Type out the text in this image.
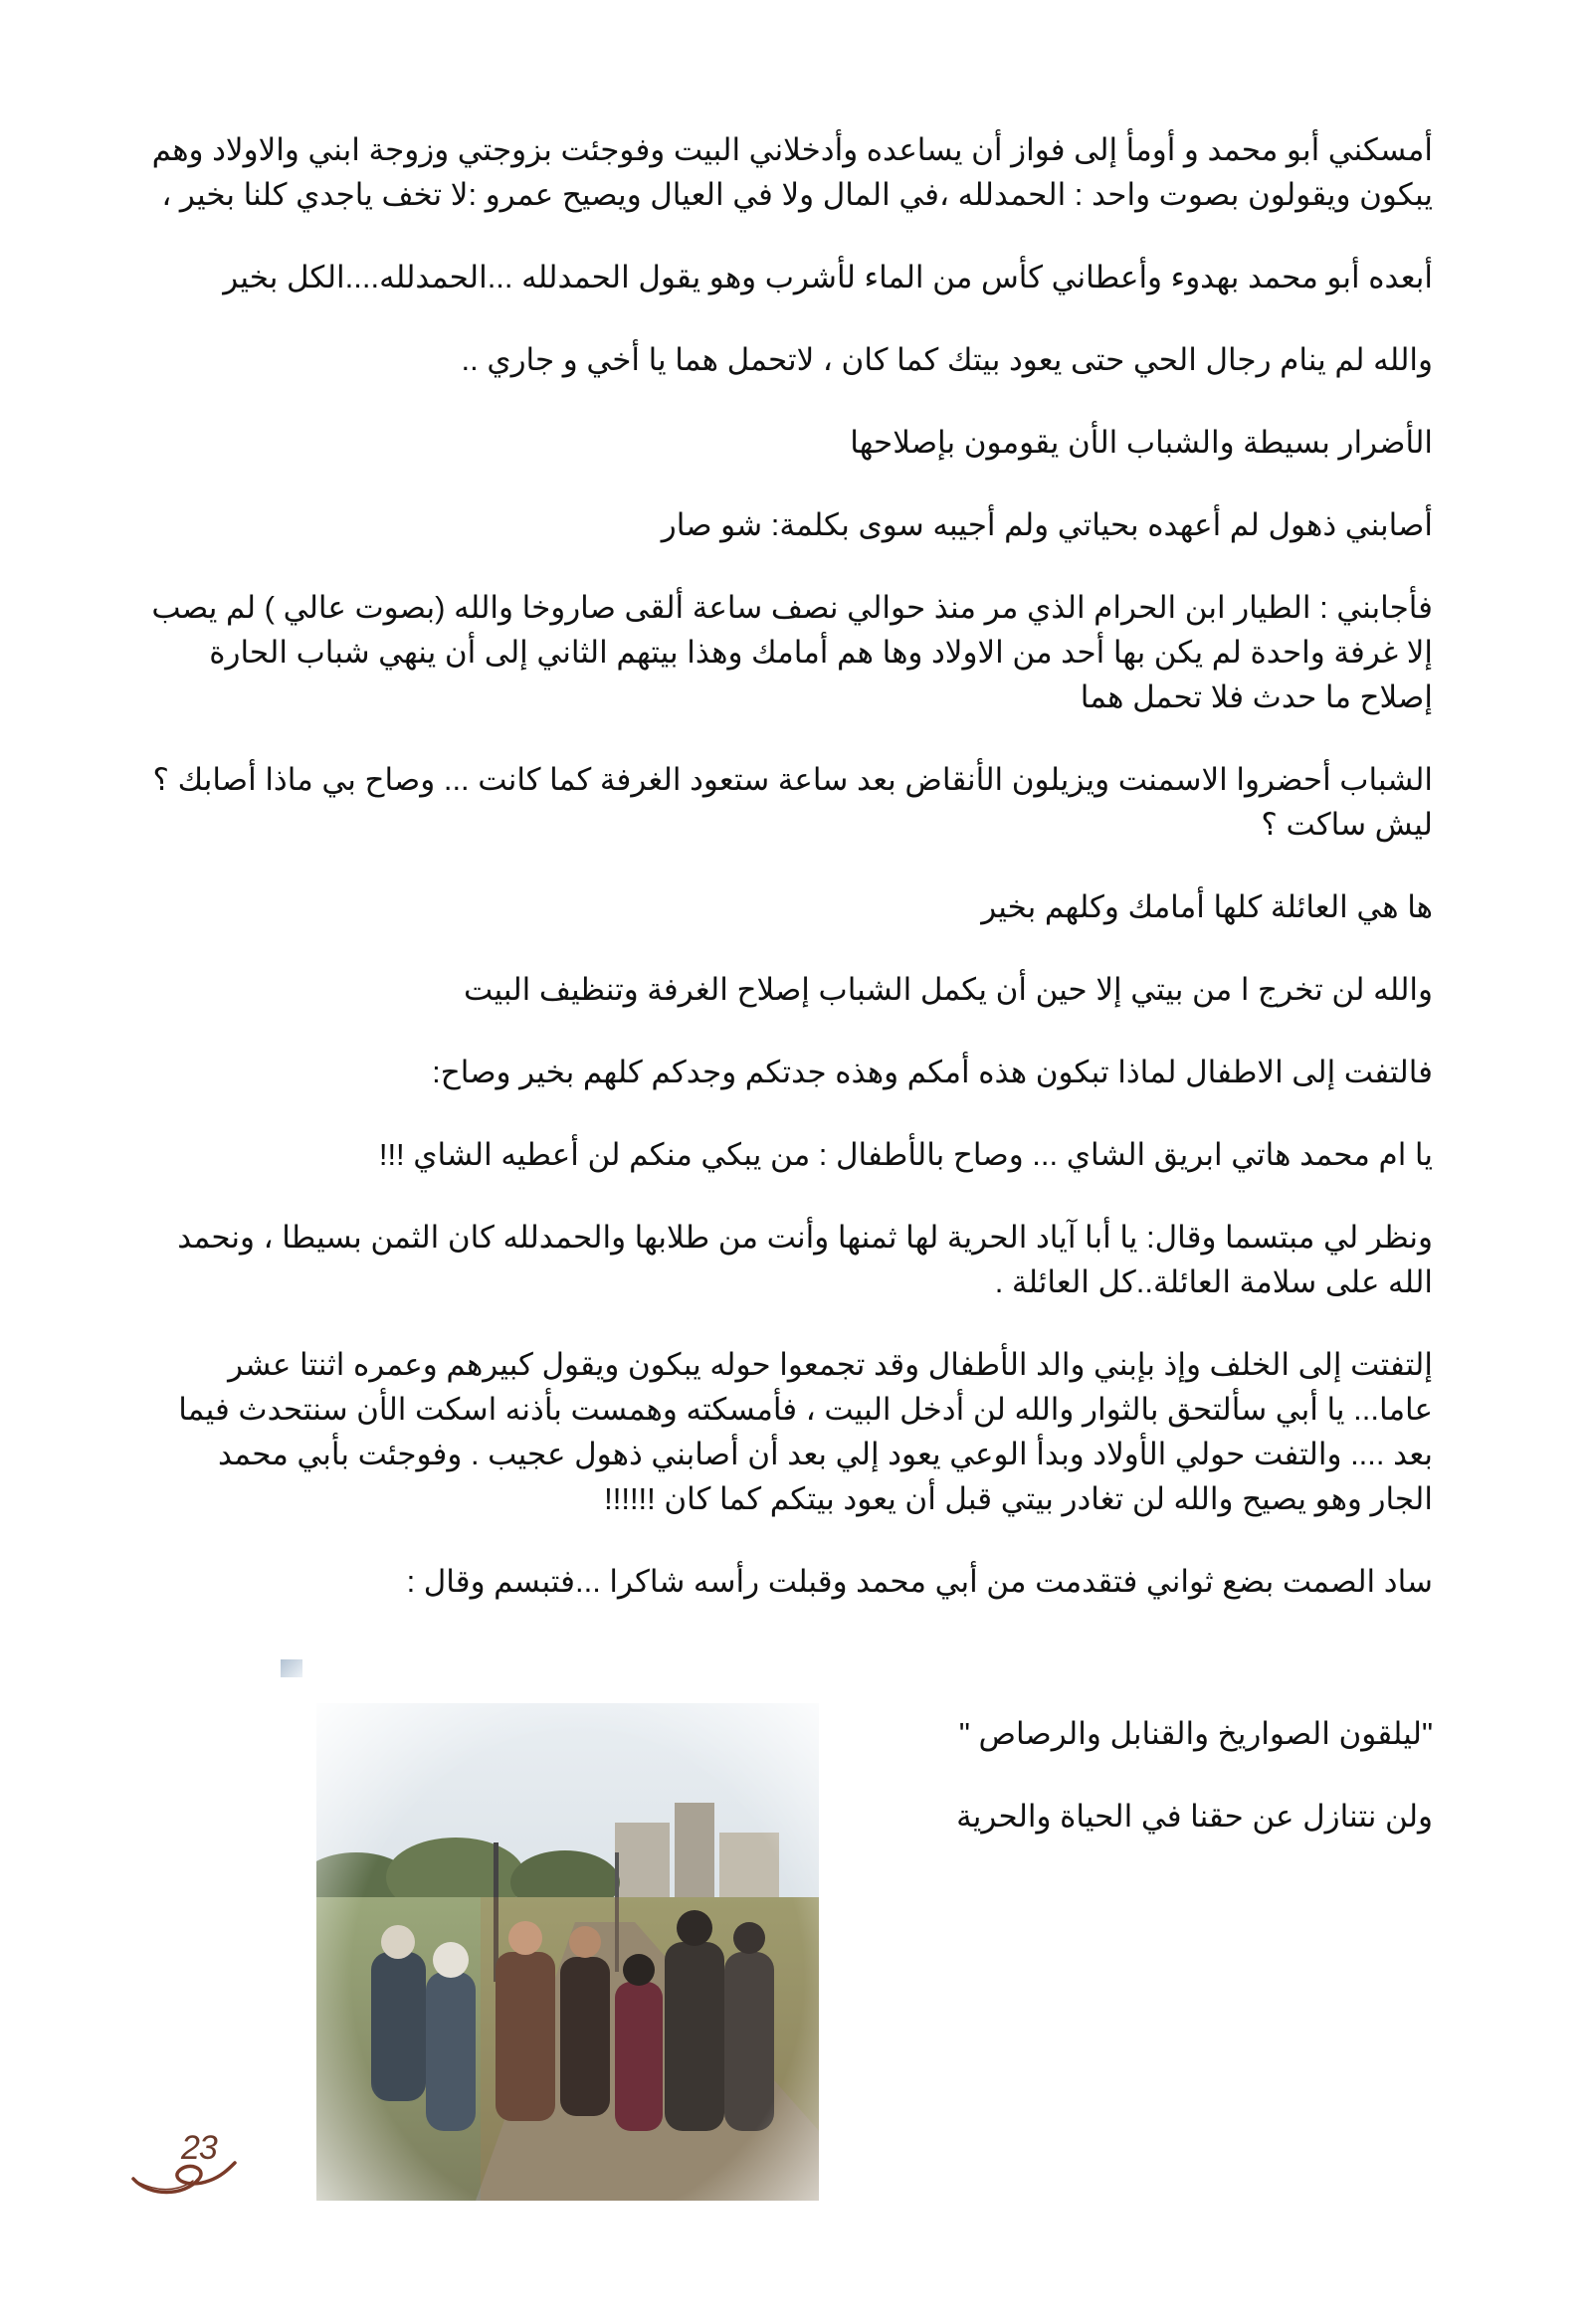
أمسكني أبو محمد و أومأ إلى فواز أن يساعده وأدخلاني البيت وفوجئت بزوجتي وزوجة ابني والاولاد وهم يبكون ويقولون بصوت واحد : الحمدلله ،في المال ولا في العيال ويصيح عمرو :لا تخف ياجدي كلنا بخير ،

أبعده أبو محمد بهدوء وأعطاني كأس من الماء لأشرب وهو يقول الحمدلله ...الحمدلله....الكل بخير

والله لم ينام رجال الحي حتى يعود بيتك كما كان ، لاتحمل هما يا أخي و جاري ..

الأضرار بسيطة والشباب الأن يقومون بإصلاحها

أصابني ذهول لم أعهده بحياتي ولم أجيبه سوى بكلمة: شو صار

فأجابني : الطيار ابن الحرام الذي مر منذ حوالي نصف ساعة ألقى صاروخا والله (بصوت عالي ) لم يصب إلا غرفة واحدة لم يكن بها أحد من الاولاد وها هم أمامك وهذا بيتهم الثاني إلى أن ينهي شباب الحارة إصلاح ما حدث فلا تحمل هما

الشباب أحضروا الاسمنت ويزيلون الأنقاض بعد ساعة ستعود الغرفة كما كانت ... وصاح بي ماذا أصابك ؟ليش ساكت ؟

ها هي العائلة كلها أمامك وكلهم بخير

والله لن تخرج ا من بيتي إلا حين أن يكمل الشباب إصلاح الغرفة وتنظيف البيت

فالتفت إلى الاطفال لماذا تبكون هذه أمكم وهذه جدتكم وجدكم كلهم بخير وصاح:

يا ام محمد هاتي ابريق الشاي ... وصاح بالأطفال : من يبكي منكم لن أعطيه الشاي !!!

ونظر لي مبتسما وقال: يا أبا آياد الحرية لها ثمنها وأنت من طلابها والحمدلله كان الثمن بسيطا ، ونحمد الله على سلامة العائلة..كل العائلة .

إلتفتت إلى الخلف وإذ بإبني والد الأطفال وقد تجمعوا حوله يبكون ويقول كبيرهم وعمره اثنتا عشر عاما... يا أبي سألتحق بالثوار والله لن أدخل البيت ، فأمسكته وهمست بأذنه اسكت الأن سنتحدث فيما بعد .... والتفت حولي الأولاد وبدأ الوعي يعود إلي بعد أن أصابني ذهول عجيب . وفوجئت بأبي محمد الجار وهو يصيح والله لن تغادر بيتي قبل أن يعود بيتكم كما كان !!!!!!

ساد الصمت بضع ثواني فتقدمت من أبي محمد وقبلت رأسه شاكرا ...فتبسم وقال :

"ليلقون الصواريخ والقنابل والرصاص "

ولن نتنازل عن حقنا في الحياة والحرية

23
